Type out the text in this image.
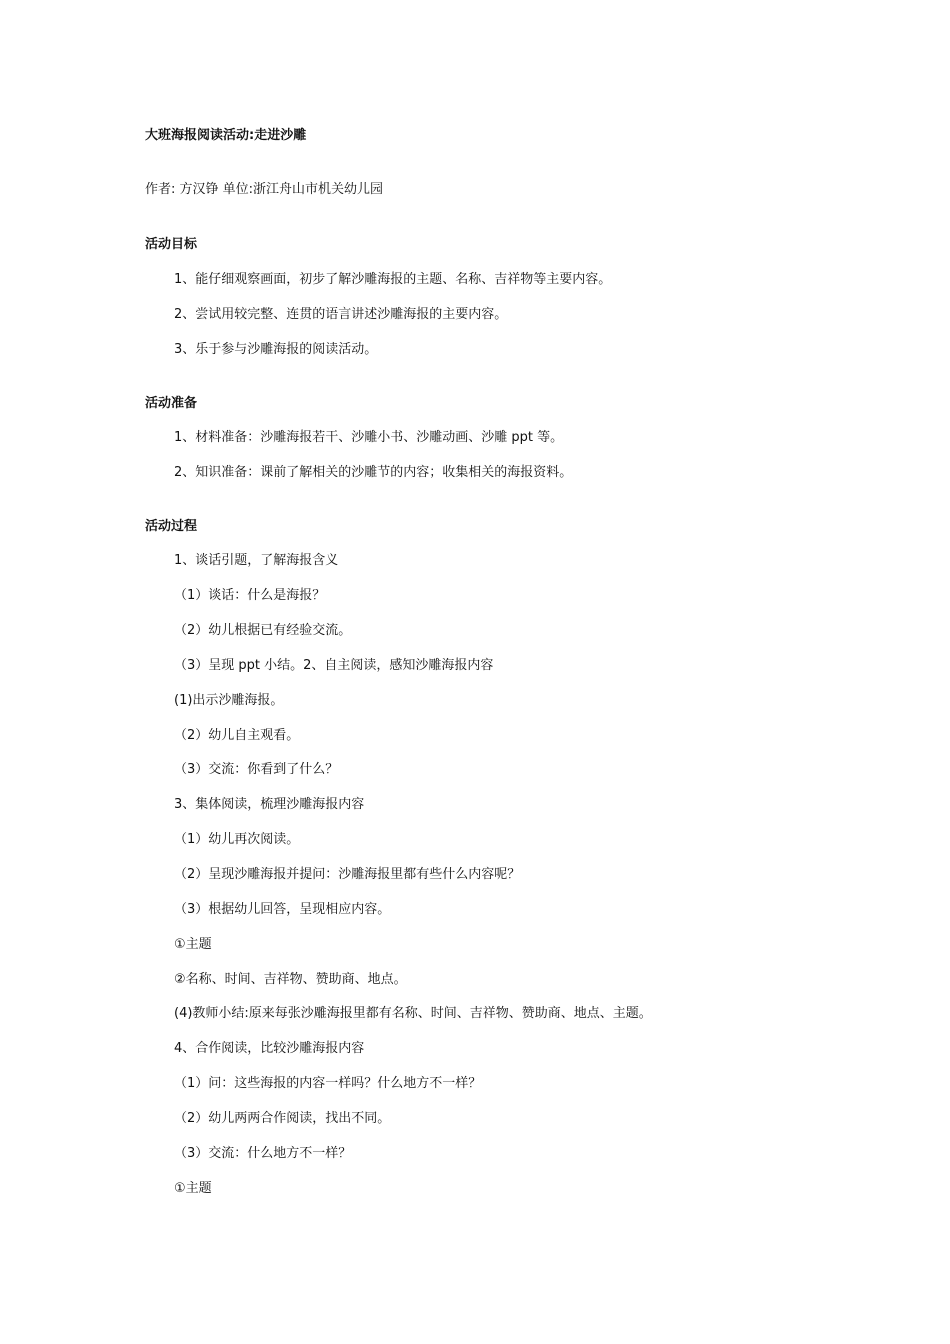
大班海报阅读活动:走进沙雕
作者: 方汉铮 单位:浙江舟山市机关幼儿园
活动目标
1、能仔细观察画面，初步了解沙雕海报的主题、名称、吉祥物等主要内容。
2、尝试用较完整、连贯的语言讲述沙雕海报的主要内容。
3、乐于参与沙雕海报的阅读活动。
活动准备
1、材料准备：沙雕海报若干、沙雕小书、沙雕动画、沙雕 ppt 等。
2、知识准备：课前了解相关的沙雕节的内容；收集相关的海报资料。
活动过程
1、谈话引题，了解海报含义
（1）谈话：什么是海报？
（2）幼儿根据已有经验交流。
（3）呈现 ppt 小结。2、自主阅读，感知沙雕海报内容
(1)出示沙雕海报。
（2）幼儿自主观看。
（3）交流：你看到了什么？
3、集体阅读，梳理沙雕海报内容
（1）幼儿再次阅读。
（2）呈现沙雕海报并提问：沙雕海报里都有些什么内容呢？
（3）根据幼儿回答，呈现相应内容。
①主题
②名称、时间、吉祥物、赞助商、地点。
(4)教师小结:原来每张沙雕海报里都有名称、时间、吉祥物、赞助商、地点、主题。
4、合作阅读，比较沙雕海报内容
（1）问：这些海报的内容一样吗？什么地方不一样？
（2）幼儿两两合作阅读，找出不同。
（3）交流：什么地方不一样？
①主题
